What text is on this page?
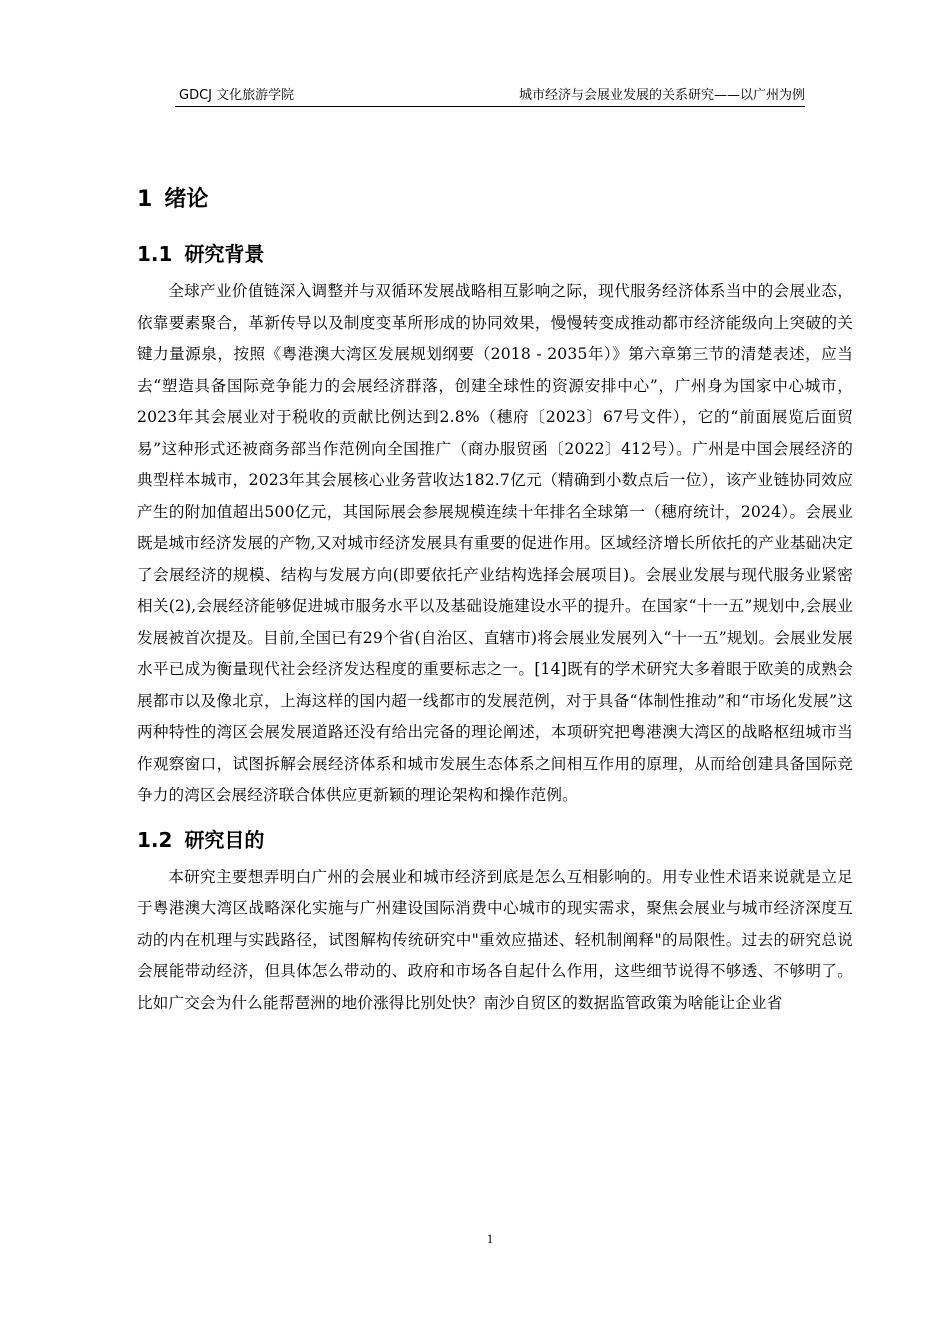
GDCJ 文化旅游学院	城市经济与会展业发展的关系研究——以广州为例
1 绪论
1.1 研究背景

全球产业价值链深入调整并与双循环发展战略相互影响之际，现代服务经济体系当中的会展业态，依靠要素聚合，革新传导以及制度变革所形成的协同效果，慢慢转变成推动都市经济能级向上突破的关键力量源泉，按照《粤港澳大湾区发展规划纲要（2018 - 2035年）》第六章第三节的清楚表述，应当去“塑造具备国际竞争能力的会展经济群落，创建全球性的资源安排中心”，广州身为国家中心城市，2023年其会展业对于税收的贡献比例达到2.8%（穗府〔2023〕67号文件），它的“前面展览后面贸易”这种形式还被商务部当作范例向全国推广（商办服贸函〔2022〕412号）。广州是中国会展经济的典型样本城市，2023年其会展核心业务营收达182.7亿元（精确到小数点后一位），该产业链协同效应产生的附加值超出500亿元，其国际展会参展规模连续十年排名全球第一（穗府统计，2024）。会展业既是城市经济发展的产物,又对城市经济发展具有重要的促进作用。区域经济增长所依托的产业基础决定了会展经济的规模、结构与发展方向(即要依托产业结构选择会展项目)。会展业发展与现代服务业紧密相关(2),会展经济能够促进城市服务水平以及基础设施建设水平的提升。在国家“十一五”规划中,会展业发展被首次提及。目前,全国已有29个省(自治区、直辖市)将会展业发展列入“十一五”规划。会展业发展水平已成为衡量现代社会经济发达程度的重要标志之一。[14]既有的学术研究大多着眼于欧美的成熟会展都市以及像北京，上海这样的国内超一线都市的发展范例，对于具备“体制性推动”和“市场化发展”这两种特性的湾区会展发展道路还没有给出完备的理论阐述，本项研究把粤港澳大湾区的战略枢纽城市当作观察窗口，试图拆解会展经济体系和城市发展生态体系之间相互作用的原理，从而给创建具备国际竞争力的湾区会展经济联合体供应更新颖的理论架构和操作范例。

1.2 研究目的

本研究主要想弄明白广州的会展业和城市经济到底是怎么互相影响的。用专业性术语来说就是立足于粤港澳大湾区战略深化实施与广州建设国际消费中心城市的现实需求，聚焦会展业与城市经济深度互动的内在机理与实践路径，试图解构传统研究中"重效应描述、轻机制阐释"的局限性。过去的研究总说会展能带动经济，但具体怎么带动的、政府和市场各自起什么作用，这些细节说得不够透、不够明了。比如广交会为什么能帮琶洲的地价涨得比别处快？南沙自贸区的数据监管政策为啥能让企业省

1
